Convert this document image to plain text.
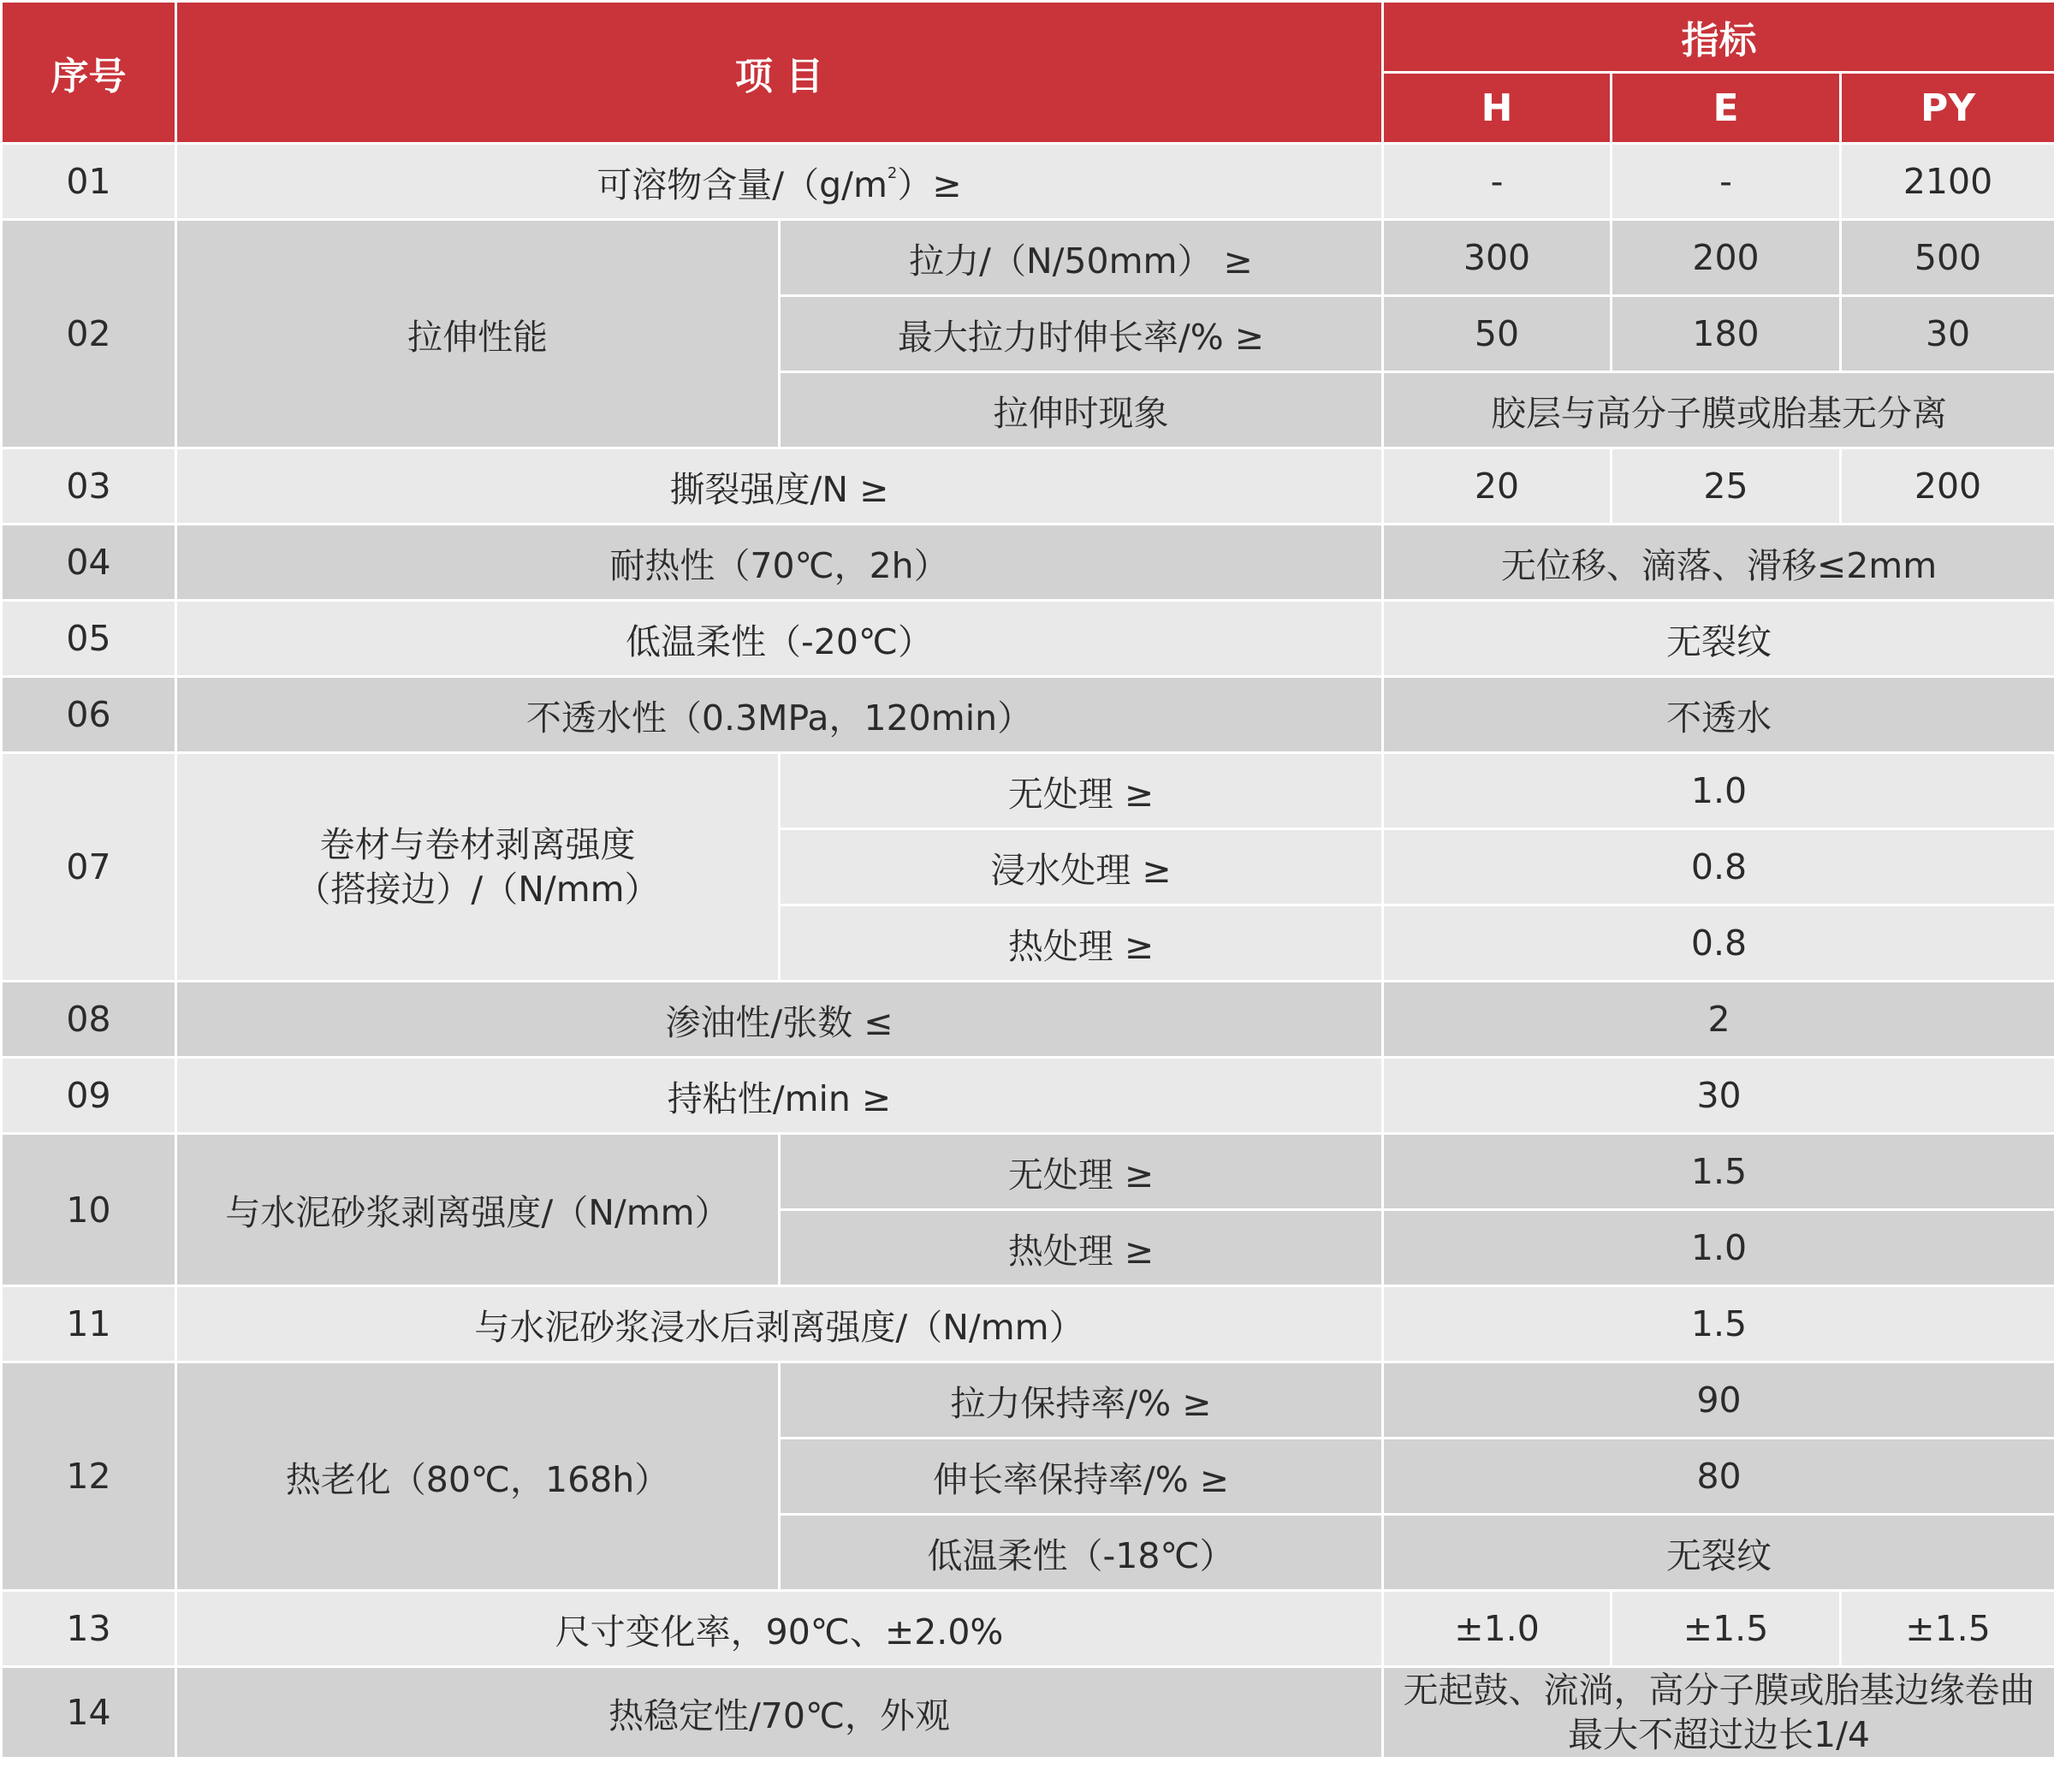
序号	项 目		指标		
			H	E	PY
01	可溶物含量$/(g/m^2)\ge$		-	-	2100
02	拉伸性能	拉力/（N/50mm） ≥	300	200	500
		最大拉力时伸长率/% ≥	50	180	30
		拉伸时现象	胶层与高分子膜或胎基无分离		
03	撕裂强度/N ≥		20	25	200
04	耐热性（70℃，2h）		无位移、滴落、滑移≤2mm		
05	低温柔性（-20℃）		无裂纹		
06	不透水性（0.3MPa，120min）		不透水		
07	卷材与卷材剥离强度
（搭接边）/（N/mm）	无处理 ≥	1.0		
		浸水处理 ≥	0.8		
		热处理 ≥	0.8		
08	渗油性/张数 ≤		2		
09	持粘性/min ≥		30		
10	与水泥砂浆剥离强度/（N/mm）	无处理 ≥	1.5		
		热处理 ≥	1.0		
11	与水泥砂浆浸水后剥离强度/（N/mm）		1.5		
12	热老化（80℃，168h）	拉力保持率/% ≥	90		
		伸长率保持率/% ≥	80		
		低温柔性（-18℃）	无裂纹		
13	尺寸变化率，90℃、±2.0%		±1.0	±1.5	±1.5
14	热稳定性/70℃，外观		无起鼓、流淌，高分子膜或胎基边缘卷曲
最大不超过边长1/4		
